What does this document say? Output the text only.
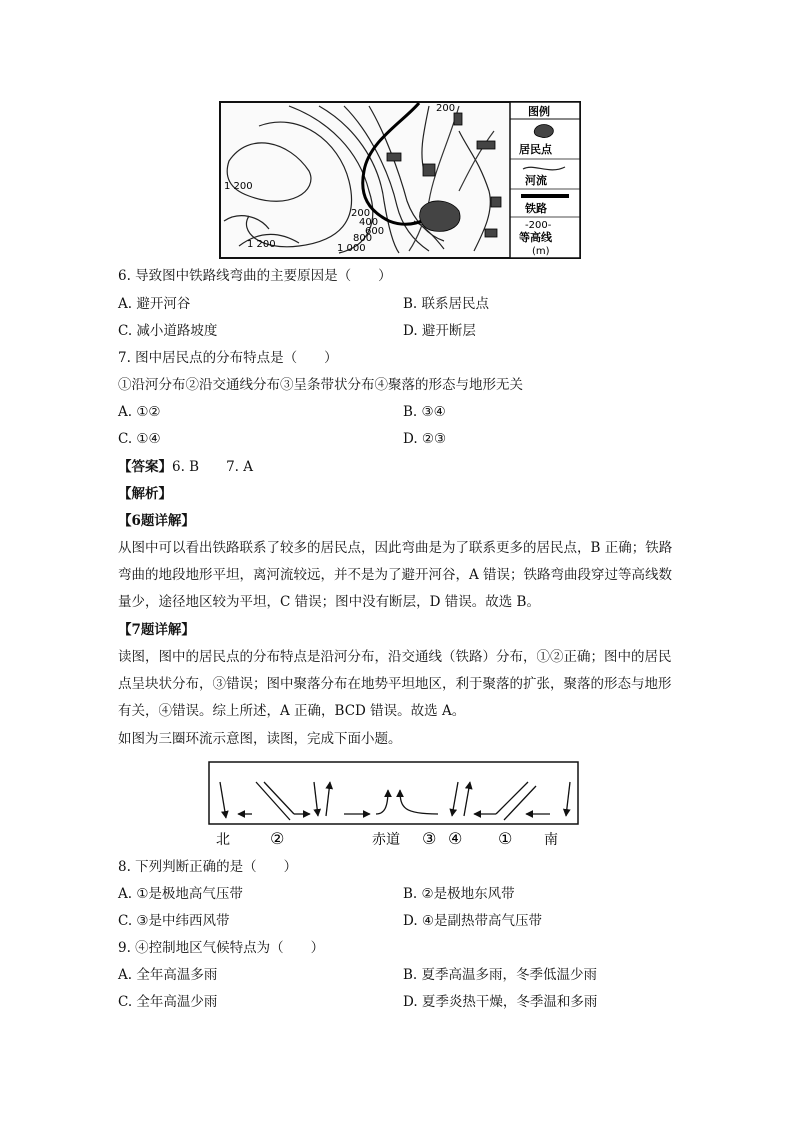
200
1 200
200
400
600
800
1 000
1 200
图例
居民点
河流
铁路
-200-
等高线
(m)
6. 导致图中铁路线弯曲的主要原因是（　　）
A. 避开河谷	B. 联系居民点
C. 减小道路坡度	D. 避开断层
7. 图中居民点的分布特点是（　　）
①沿河分布②沿交通线分布③呈条带状分布④聚落的形态与地形无关
A. ①②	B. ③④
C. ①④	D. ②③
【答案】6. B　　7. A
【解析】
【6题详解】
从图中可以看出铁路联系了较多的居民点，因此弯曲是为了联系更多的居民点，B 正确；铁路弯曲的地段地形平坦，离河流较远，并不是为了避开河谷，A 错误；铁路弯曲段穿过等高线数量少，途径地区较为平坦，C 错误；图中没有断层，D 错误。故选 B。
【7题详解】
读图，图中的居民点的分布特点是沿河分布，沿交通线（铁路）分布，①②正确；图中的居民点呈块状分布，③错误；图中聚落分布在地势平坦地区，利于聚落的扩张，聚落的形态与地形有关，④错误。综上所述，A 正确，BCD 错误。故选 A。
如图为三圈环流示意图，读图，完成下面小题。
北	②	赤道 ③ ④ ① 南
8. 下列判断正确的是（　　）
A. ①是极地高气压带	B. ②是极地东风带
C. ③是中纬西风带	D. ④是副热带高气压带
9. ④控制地区气候特点为（　　）
A. 全年高温多雨	B. 夏季高温多雨，冬季低温少雨
C. 全年高温少雨	D. 夏季炎热干燥，冬季温和多雨
